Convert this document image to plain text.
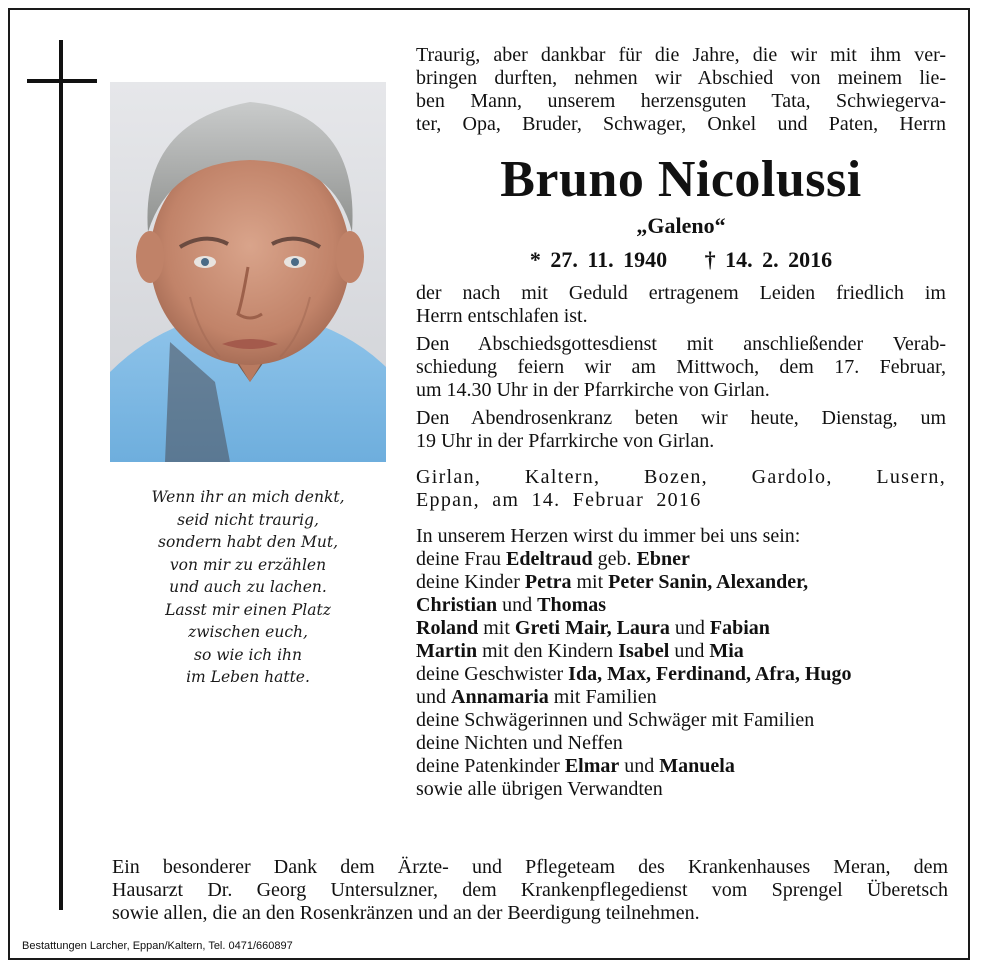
Wenn ihr an mich denkt,
seid nicht traurig,
sondern habt den Mut,
von mir zu erzählen
und auch zu lachen.
Lasst mir einen Platz
zwischen euch,
so wie ich ihn
im Leben hatte.
Traurig, aber dankbar für die Jahre, die wir mit ihm ver-
bringen durften, nehmen wir Abschied von meinem lie-
ben Mann, unserem herzensguten Tata, Schwiegerva-
ter, Opa, Bruder, Schwager, Onkel und Paten, Herrn
Bruno Nicolussi
„Galeno“
* 27. 11. 1940 † 14. 2. 2016
der nach mit Geduld ertragenem Leiden friedlich im
Herrn entschlafen ist.
Den Abschiedsgottesdienst mit anschließender Verab-
schiedung feiern wir am Mittwoch, dem 17. Februar,
um 14.30 Uhr in der Pfarrkirche von Girlan.
Den Abendrosenkranz beten wir heute, Dienstag, um
19 Uhr in der Pfarrkirche von Girlan.
Girlan, Kaltern, Bozen, Gardolo, Lusern,
Eppan, am 14. Februar 2016
In unserem Herzen wirst du immer bei uns sein:
deine Frau Edeltraud geb. Ebner
deine Kinder Petra mit Peter Sanin, Alexander,
Christian und Thomas
Roland mit Greti Mair, Laura und Fabian
Martin mit den Kindern Isabel und Mia
deine Geschwister Ida, Max, Ferdinand, Afra, Hugo
und Annamaria mit Familien
deine Schwägerinnen und Schwäger mit Familien
deine Nichten und Neffen
deine Patenkinder Elmar und Manuela
sowie alle übrigen Verwandten
Ein besonderer Dank dem Ärzte- und Pflegeteam des Krankenhauses Meran, dem
Hausarzt Dr. Georg Untersulzner, dem Krankenpflegedienst vom Sprengel Überetsch
sowie allen, die an den Rosenkränzen und an der Beerdigung teilnehmen.
Bestattungen Larcher, Eppan/Kaltern, Tel. 0471/660897
